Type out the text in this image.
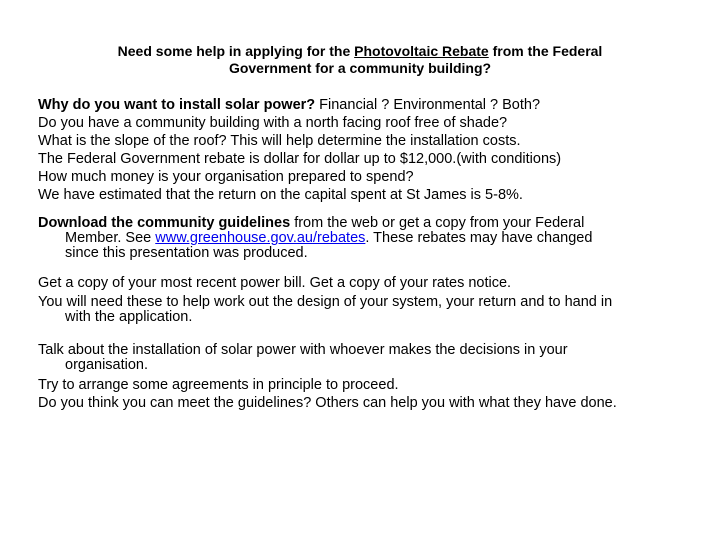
Need some help in applying for the Photovoltaic Rebate from the Federal
Government for a community building?
Why do you want to install solar power? Financial ? Environmental ? Both?
Do you have a community building with a north facing roof free of shade?
What is the slope of the roof? This will help determine the installation costs.
The Federal Government rebate is dollar for dollar up to $12,000.(with conditions)
How much money is your organisation prepared to spend?
We have estimated that the return on the capital spent at St James is 5-8%.
Download the community guidelines from the web or get a copy from your Federal
Member. See www.greenhouse.gov.au/rebates. These rebates may have changed
since this presentation was produced.
Get a copy of your most recent power bill. Get a copy of your rates notice.
You will need these to help work out the design of your system, your return and to hand in
with the application.
Talk about the installation of solar power with whoever makes the decisions in your
organisation.
Try to arrange some agreements in principle to proceed.
Do you think you can meet the guidelines? Others can help you with what they have done.
